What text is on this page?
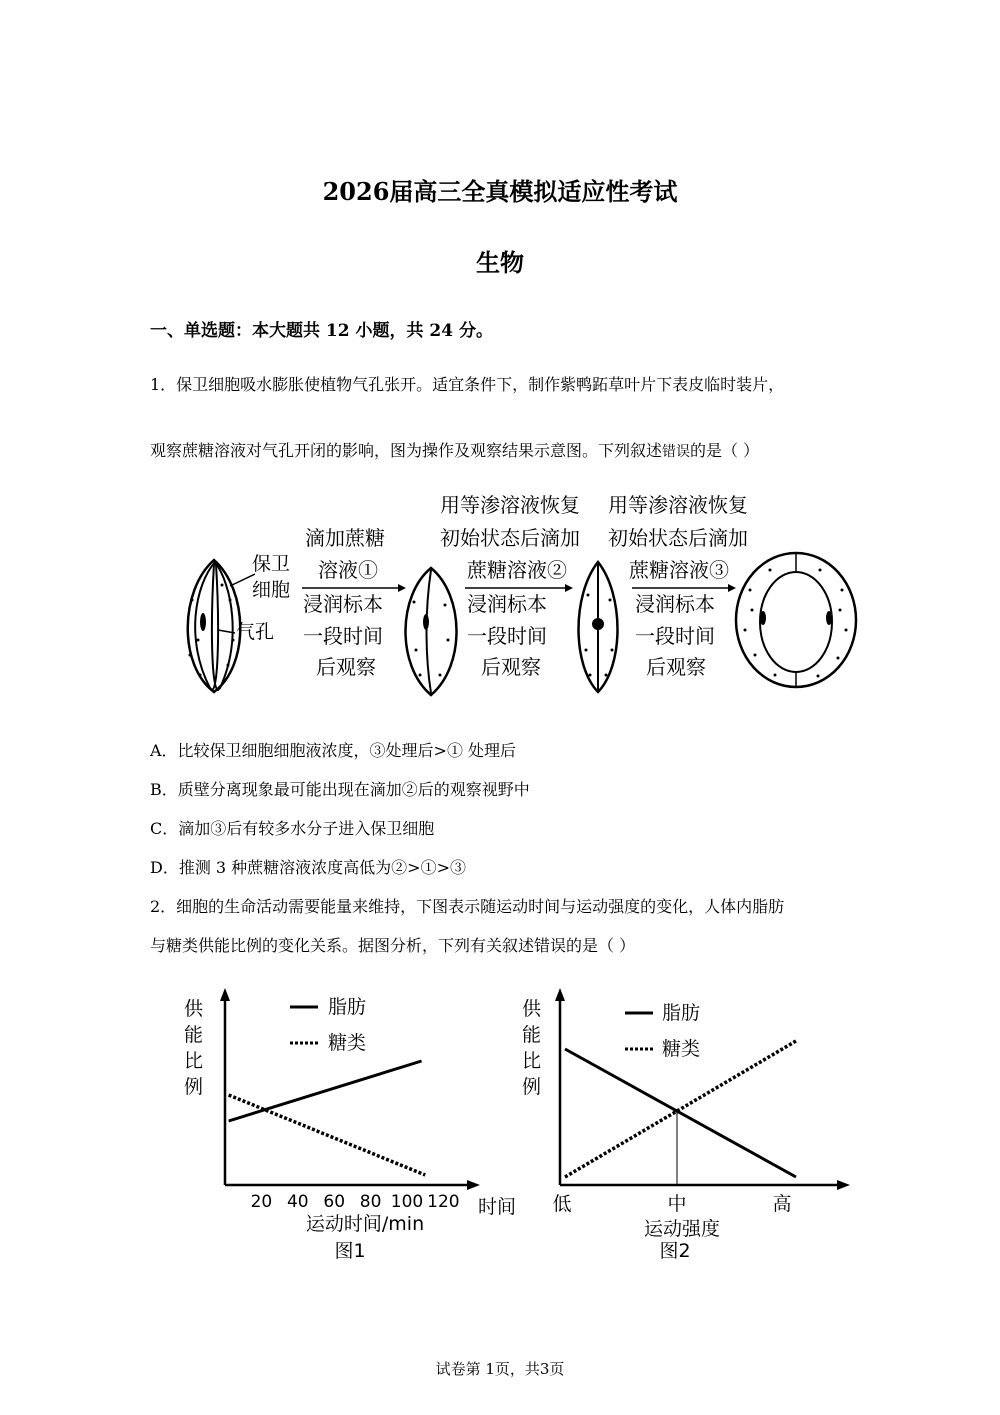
2026届高三全真模拟适应性考试
生物
一、单选题：本大题共 12 小题，共 24 分。
1．保卫细胞吸水膨胀使植物气孔张开。适宜条件下，制作紫鸭跖草叶片下表皮临时装片，
观察蔗糖溶液对气孔开闭的影响，图为操作及观察结果示意图。下列叙述错误的是（ ）
保卫
细胞
气孔
滴加蔗糖
溶液①
浸润标本
一段时间
后观察
用等渗溶液恢复
初始状态后滴加
蔗糖溶液②
浸润标本
一段时间
后观察
用等渗溶液恢复
初始状态后滴加
蔗糖溶液③
浸润标本
一段时间
后观察
A．比较保卫细胞细胞液浓度，③处理后>① 处理后
B．质壁分离现象最可能出现在滴加②后的观察视野中
C．滴加③后有较多水分子进入保卫细胞
D．推测 3 种蔗糖溶液浓度高低为②>①>③
2．细胞的生命活动需要能量来维持，下图表示随运动时间与运动强度的变化，人体内脂肪
与糖类供能比例的变化关系。据图分析，下列有关叙述错误的是（ ）
供能比例
20 40 60 80 100 120 时间
运动时间/min
图1
脂肪
糖类
供能比例
低	中	高
运动强度
图2
脂肪
糖类
试卷第 1页，共3页
